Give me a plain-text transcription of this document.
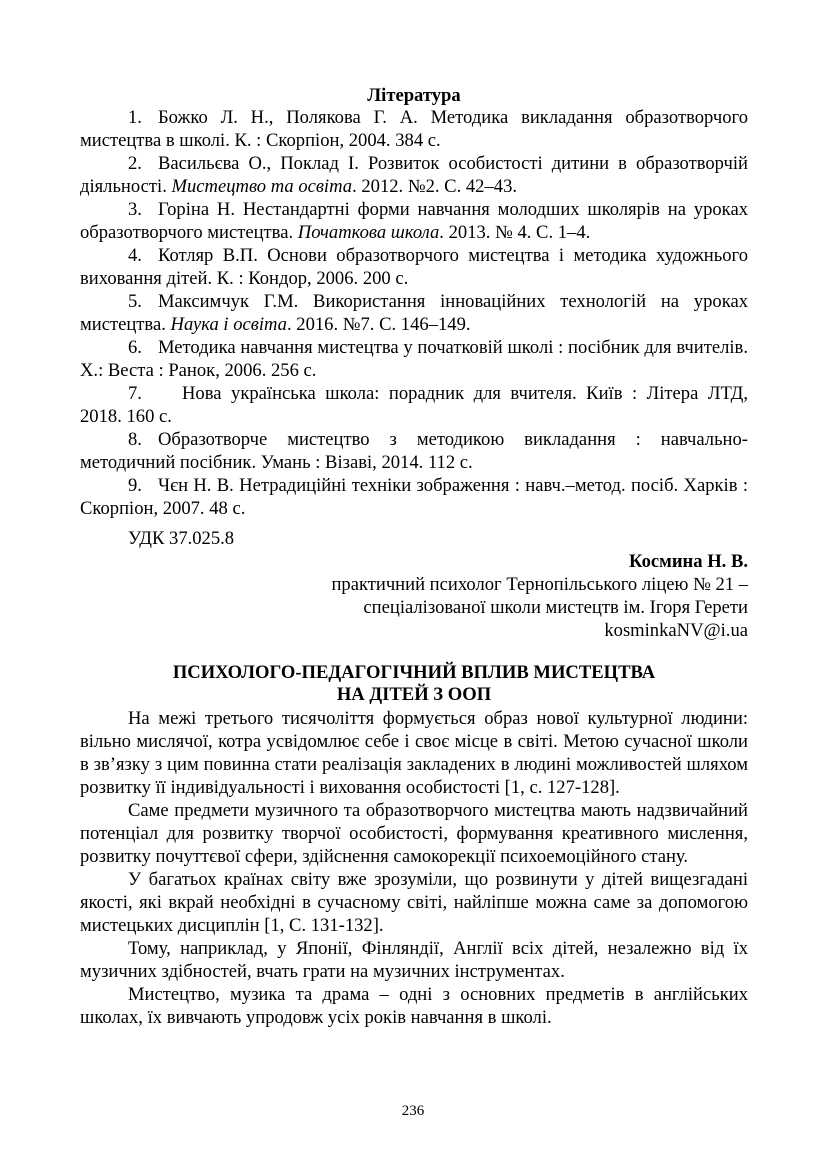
Література

1. Божко Л. Н., Полякова Г. А. Методика викладання образотворчого мистецтва в школі. К. : Скорпіон, 2004. 384 с.

2. Васильєва О., Поклад І. Розвиток особистості дитини в образотворчій діяльності. Мистецтво та освіта. 2012. №2. С. 42–43.

3. Горіна Н. Нестандартні форми навчання молодших школярів на уроках образотворчого мистецтва. Початкова школа. 2013. № 4. С. 1–4.

4. Котляр В.П. Основи образотворчого мистецтва і методика художнього виховання дітей. К. : Кондор, 2006. 200 с.

5. Максимчук Г.М. Використання інноваційних технологій на уроках мистецтва. Наука і освіта. 2016. №7. С. 146–149.

6. Методика навчання мистецтва у початковій школі : посібник для вчителів. Х.: Веста : Ранок, 2006. 256 с.

7. Нова українська школа: порадник для вчителя. Київ : Літера ЛТД, 2018. 160 с.

8. Образотворче мистецтво з методикою викладання : навчально-методичний посібник. Умань : Візаві, 2014. 112 с.

9. Чєн Н. В. Нетрадиційні техніки зображення : навч.–метод. посіб. Харків : Скорпіон, 2007. 48 с.

УДК 37.025.8
Космина Н. В.
практичний психолог Тернопільського ліцею № 21 –
спеціалізованої школи мистецтв ім. Ігоря Герети
kosminkaNV@i.ua
ПСИХОЛОГО-ПЕДАГОГІЧНИЙ ВПЛИВ МИСТЕЦТВА
НА ДІТЕЙ З ООП

На межі третього тисячоліття формується образ нової культурної людини: вільно мислячої, котра усвідомлює себе і своє місце в світі. Метою сучасної школи в зв’язку з цим повинна стати реалізація закладених в людині можливостей шляхом розвитку її індивідуальності і виховання особистості [1, с. 127-128].

Саме предмети музичного та образотворчого мистецтва мають надзвичайний потенціал для розвитку творчої особистості, формування креативного мислення, розвитку почуттєвої сфери, здійснення самокорекції психоемоційного стану.

У багатьох країнах світу вже зрозуміли, що розвинути у дітей вищезгадані якості, які вкрай необхідні в сучасному світі, найліпше можна саме за допомогою мистецьких дисциплін [1, С. 131-132].

Тому, наприклад, у Японії, Фінляндії, Англії всіх дітей, незалежно від їх музичних здібностей, вчать грати на музичних інструментах.

Мистецтво, музика та драма – одні з основних предметів в англійських школах, їх вивчають упродовж усіх років навчання в школі.

236
